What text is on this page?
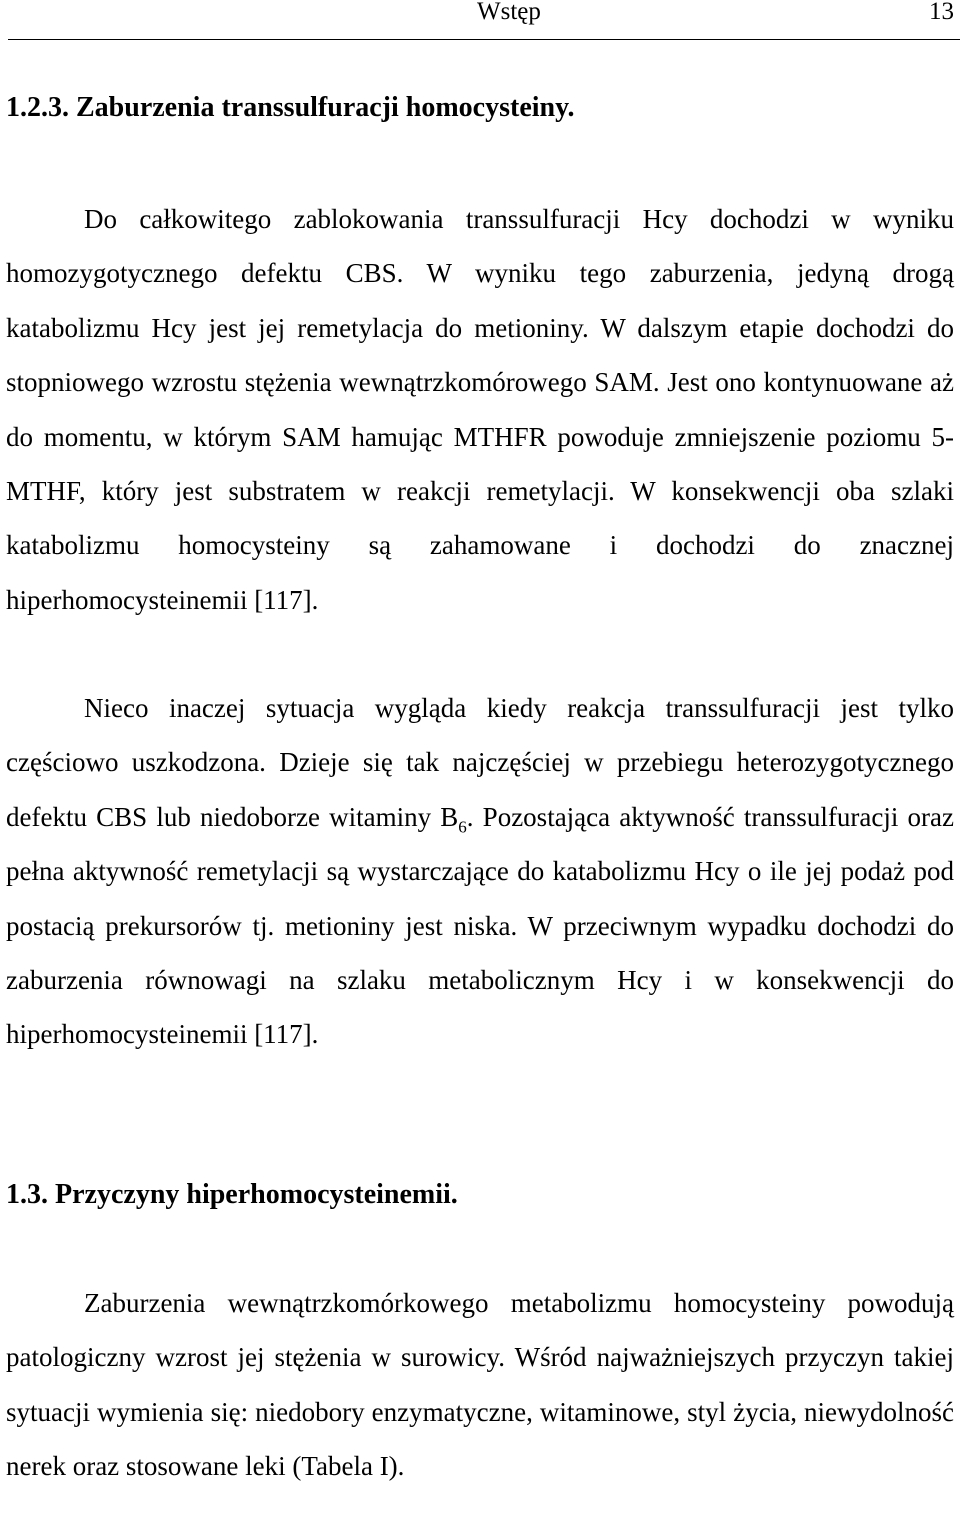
Wstęp	13
1.2.3. Zaburzenia transsulfuracji homocysteiny.

Do całkowitego zablokowania transsulfuracji Hcy dochodzi w wyniku homozygotycznego defektu CBS. W wyniku tego zaburzenia, jedyną drogą katabolizmu Hcy jest jej remetylacja do metioniny. W dalszym etapie dochodzi do stopniowego wzrostu stężenia wewnątrzkomórowego SAM. Jest ono kontynuowane aż do momentu, w którym SAM hamując MTHFR powoduje zmniejszenie poziomu 5-MTHF, który jest substratem w reakcji remetylacji. W konsekwencji oba szlaki katabolizmu homocysteiny są zahamowane i dochodzi do znacznej hiperhomocysteinemii [117].

Nieco inaczej sytuacja wygląda kiedy reakcja transsulfuracji jest tylko częściowo uszkodzona. Dzieje się tak najczęściej w przebiegu heterozygotycznego defektu CBS lub niedoborze witaminy $B_6$. Pozostająca aktywność transsulfuracji oraz pełna aktywność remetylacji są wystarczające do katabolizmu Hcy o ile jej podaż pod postacią prekursorów tj. metioniny jest niska. W przeciwnym wypadku dochodzi do zaburzenia równowagi na szlaku metabolicznym Hcy i w konsekwencji do hiperhomocysteinemii [117].

1.3. Przyczyny hiperhomocysteinemii.

Zaburzenia wewnątrzkomórkowego metabolizmu homocysteiny powodują patologiczny wzrost jej stężenia w surowicy. Wśród najważniejszych przyczyn takiej sytuacji wymienia się: niedobory enzymatyczne, witaminowe, styl życia, niewydolność nerek oraz stosowane leki (Tabela I).
